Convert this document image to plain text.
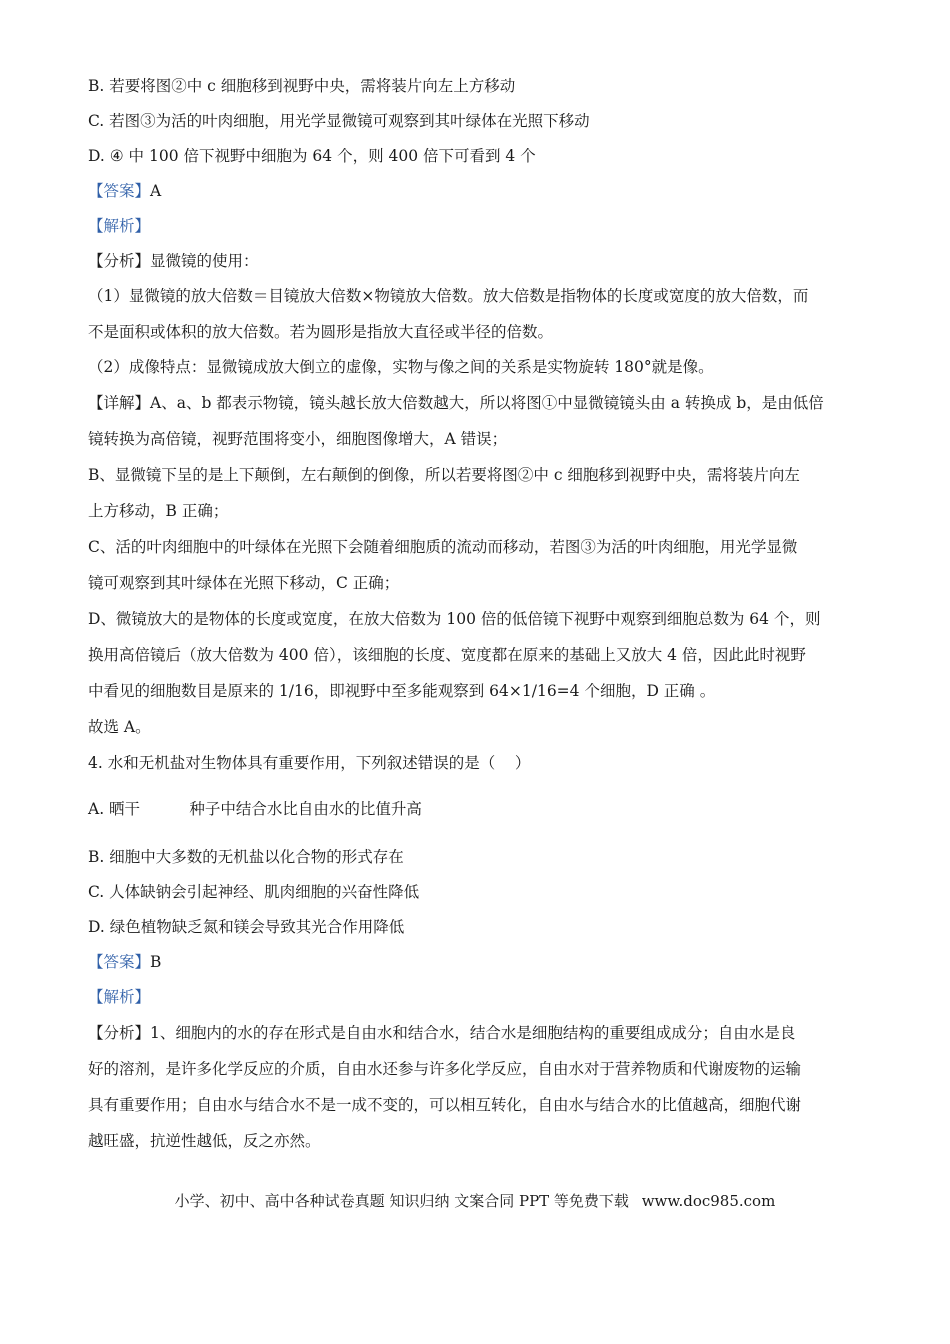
B. 若要将图②中 c 细胞移到视野中央，需将装片向左上方移动
C. 若图③为活的叶肉细胞，用光学显微镜可观察到其叶绿体在光照下移动
D. ④ 中 100 倍下视野中细胞为 64 个，则 400 倍下可看到 4 个
【答案】A
【解析】
【分析】显微镜的使用：
（1）显微镜的放大倍数＝目镜放大倍数×物镜放大倍数。放大倍数是指物体的长度或宽度的放大倍数，而
不是面积或体积的放大倍数。若为圆形是指放大直径或半径的倍数。
（2）成像特点：显微镜成放大倒立的虚像，实物与像之间的关系是实物旋转 180°就是像。
【详解】A、a、b 都表示物镜，镜头越长放大倍数越大，所以将图①中显微镜镜头由 a 转换成 b，是由低倍
镜转换为高倍镜，视野范围将变小，细胞图像增大，A 错误；
B、显微镜下呈的是上下颠倒，左右颠倒的倒像，所以若要将图②中 c 细胞移到视野中央，需将装片向左
上方移动，B 正确；
C、活的叶肉细胞中的叶绿体在光照下会随着细胞质的流动而移动，若图③为活的叶肉细胞，用光学显微
镜可观察到其叶绿体在光照下移动，C 正确；
D、微镜放大的是物体的长度或宽度，在放大倍数为 100 倍的低倍镜下视野中观察到细胞总数为 64 个，则
换用高倍镜后（放大倍数为 400 倍），该细胞的长度、宽度都在原来的基础上又放大 4 倍，因此此时视野
中看见的细胞数目是原来的 1/16，即视野中至多能观察到 64×1/16=4 个细胞，D 正确 。
故选 A。
4. 水和无机盐对生物体具有重要作用，下列叙述错误的是（    ）
A. 晒干          种子中结合水比自由水的比值升高
B. 细胞中大多数的无机盐以化合物的形式存在
C. 人体缺钠会引起神经、肌肉细胞的兴奋性降低
D. 绿色植物缺乏氮和镁会导致其光合作用降低
【答案】B
【解析】
【分析】1、细胞内的水的存在形式是自由水和结合水，结合水是细胞结构的重要组成成分；自由水是良
好的溶剂，是许多化学反应的介质，自由水还参与许多化学反应，自由水对于营养物质和代谢废物的运输
具有重要作用；自由水与结合水不是一成不变的，可以相互转化，自由水与结合水的比值越高，细胞代谢
越旺盛，抗逆性越低，反之亦然。
小学、初中、高中各种试卷真题 知识归纳 文案合同 PPT 等免费下载 www.doc985.com
